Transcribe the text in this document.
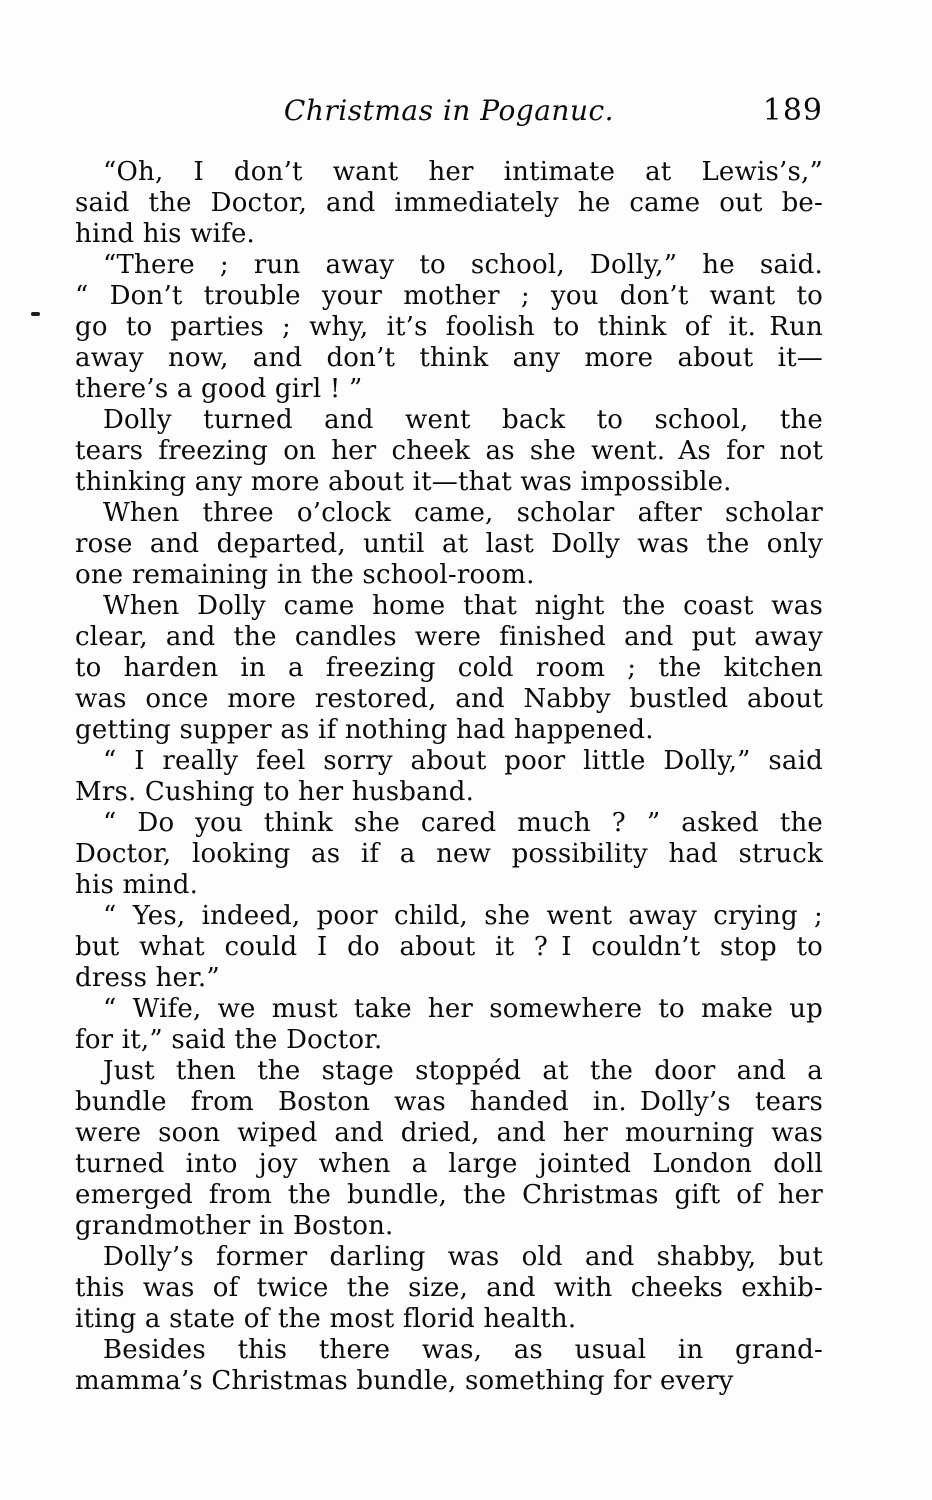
Christmas in Poganuc.	189
“Oh, I don’t want her intimate at Lewis’s,”
said the Doctor, and immediately he came out be-
hind his wife.
“There ; run away to school, Dolly,” he said.
“ Don’t trouble your mother ; you don’t want to
go to parties ; why, it’s foolish to think of it. Run
away now, and don’t think any more about it—
there’s a good girl ! ”
Dolly turned and went back to school, the
tears freezing on her cheek as she went. As for not
thinking any more about it—that was impossible.
When three o’clock came, scholar after scholar
rose and departed, until at last Dolly was the only
one remaining in the school-room.
When Dolly came home that night the coast was
clear, and the candles were finished and put away
to harden in a freezing cold room ; the kitchen
was once more restored, and Nabby bustled about
getting supper as if nothing had happened.
“ I really feel sorry about poor little Dolly,” said
Mrs. Cushing to her husband.
“ Do you think she cared much ? ” asked the
Doctor, looking as if a new possibility had struck
his mind.
“ Yes, indeed, poor child, she went away crying ;
but what could I do about it ? I couldn’t stop to
dress her.”
“ Wife, we must take her somewhere to make up
for it,” said the Doctor.
Just then the stage stoppéd at the door and a
bundle from Boston was handed in. Dolly’s tears
were soon wiped and dried, and her mourning was
turned into joy when a large jointed London doll
emerged from the bundle, the Christmas gift of her
grandmother in Boston.
Dolly’s former darling was old and shabby, but
this was of twice the size, and with cheeks exhib-
iting a state of the most florid health.
Besides this there was, as usual in grand-
mamma’s Christmas bundle, something for every
